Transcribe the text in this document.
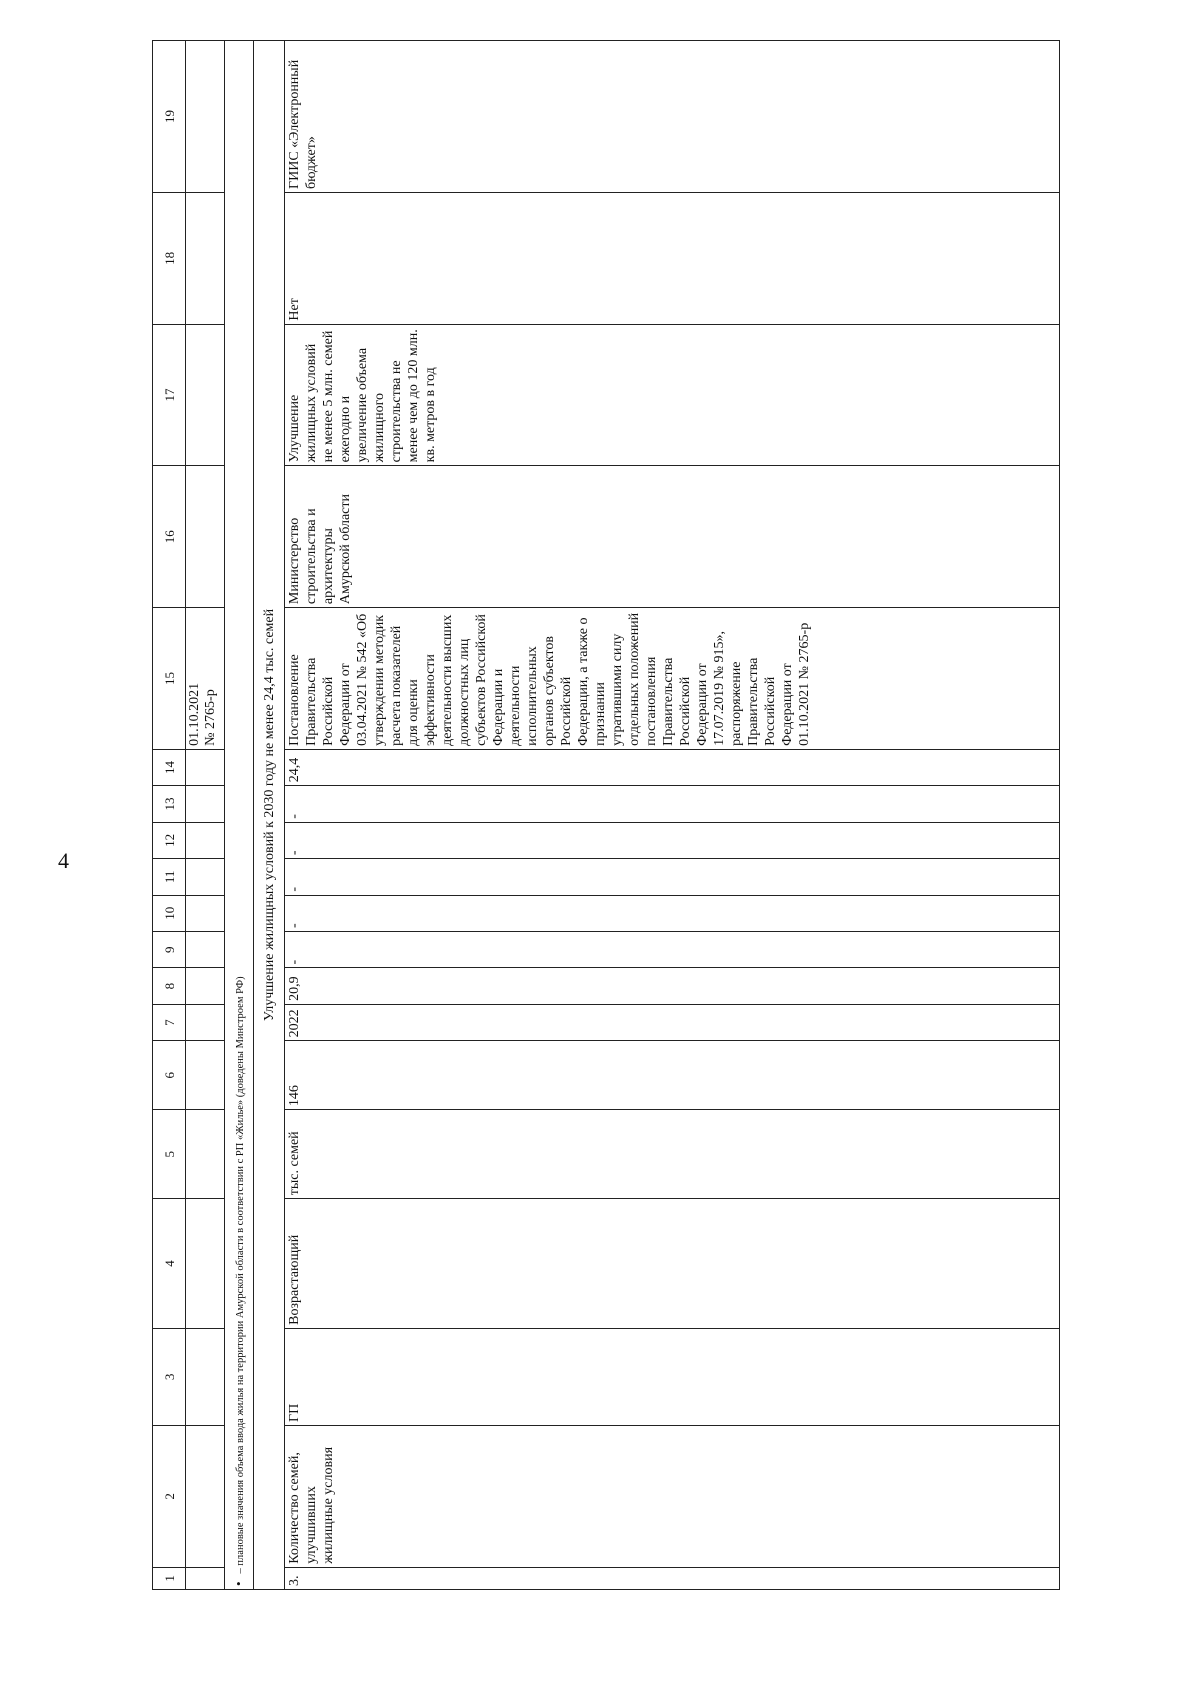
4
1	2	3	4	5	6	7	8	9	10	11	12	13	14	15	16	17	18	19
														01.10.2021
№ 2765-р				
•– плановые значения объема ввода жилья на территории Амурской области в соответствии с РП «Жилье» (доведены Минстроем РФ)																		
Улучшение жилищных условий к 2030 году не менее 24,4 тыс. семей																		
3.	Количество семей, улучшивших жилищные условия	ГП	Возрастающий	тыс. семей	146	2022	20,9	-	-	-	-	-	24,4	Постановление Правительства Российской Федерации от 03.04.2021 № 542 «Об утверждении методик расчета показателей для оценки эффективности деятельности высших должностных лиц субъектов Российской Федерации и деятельности исполнительных органов субъектов Российской Федерации, а также о признании утратившими силу отдельных положений постановления Правительства Российской Федерации от 17.07.2019 № 915», распоряжение Правительства Российской Федерации от 01.10.2021 № 2765-р	Министерство строительства и архитектуры Амурской области	Улучшение жилищных условий не менее 5 млн. семей ежегодно и увеличение объема жилищного строительства не менее чем до 120 млн. кв. метров в год	Нет	ГИИС «Электронный бюджет»
